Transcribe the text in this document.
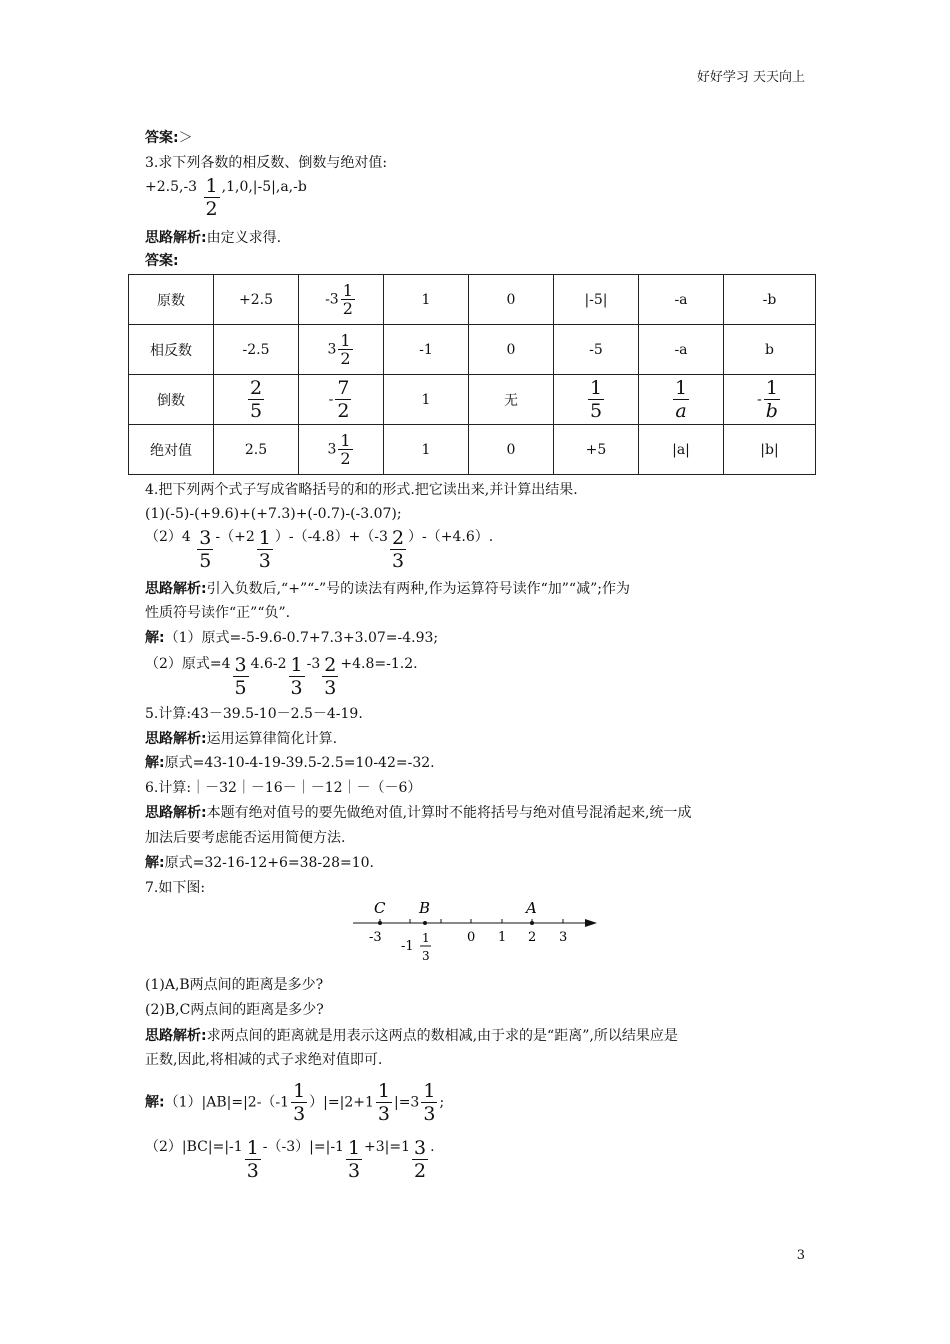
好好学习 天天向上
答案:＞
3.求下列各数的相反数、倒数与绝对值:
$+2.5,-3 \frac{1}{2} ,1,0,|-5|,a,-b$
思路解析:由定义求得.
答案:
原数	+2.5	$-3 \frac{1}{2}$	1	0	|-5|	-a	-b
相反数	-2.5	$3 \frac{1}{2}$	-1	0	-5	-a	b
倒数	$\frac{2}{5}$	- $\frac{7}{2}$	1	无	$\frac{1}{5}$	$\frac{1}{a}$	- $\frac{1}{b}$

绝对值	2.5	$3 \frac{1}{2}$	1	0	+5	|a|	|b|
4.把下列两个式子写成省略括号的和的形式.把它读出来,并计算出结果.
(1)(-5)-(+9.6)+(+7.3)+(-0.7)-(-3.07);
$(2)4 \frac{3}{5} -(+2 \frac{1}{3} )-(-4.8)+(-3 \frac{2}{3} )-(+4.6)$.
思路解析:引入负数后,“+”“-”号的读法有两种,作为运算符号读作“加”“减”;作为
性质符号读作“正”“负”.
解:（1）原式=-5-9.6-0.7+7.3+3.07=-4.93;
（2）原式$=4 \frac{3}{5} 4.6-2 \frac{1}{3} -3 \frac{2}{3} +4.8=-1.2$.
5.计算:43－39.5-10－2.5－4-19.
思路解析:运用运算律简化计算.
解:原式=43-10-4-19-39.5-2.5=10-42=-32.
6.计算:｜－32｜－16－｜－12｜－（－6）
思路解析:本题有绝对值号的要先做绝对值,计算时不能将括号与绝对值号混淆起来,统一成
加法后要考虑能否运用简便方法.
解:原式=32-16-12+6=38-28=10.
7.如下图:
C B	A
-3	0 1 2 3
-1
1
3
(1)A,B两点间的距离是多少?
(2)B,C两点间的距离是多少?
思路解析:求两点间的距离就是用表示这两点的数相减,由于求的是“距离”,所以结果应是
正数,因此,将相减的式子求绝对值即可.
解:（1）|AB|=|2-（-1 $\frac{1}{3} )|=|2+1 \frac{1}{3} |=3 \frac{1}{3}$ ;
$(2)|BC|=|-1 \frac{1}{3} -(-3)|=|-1 \frac{1}{3} +3|=1 \frac{3}{2}$ .
3
